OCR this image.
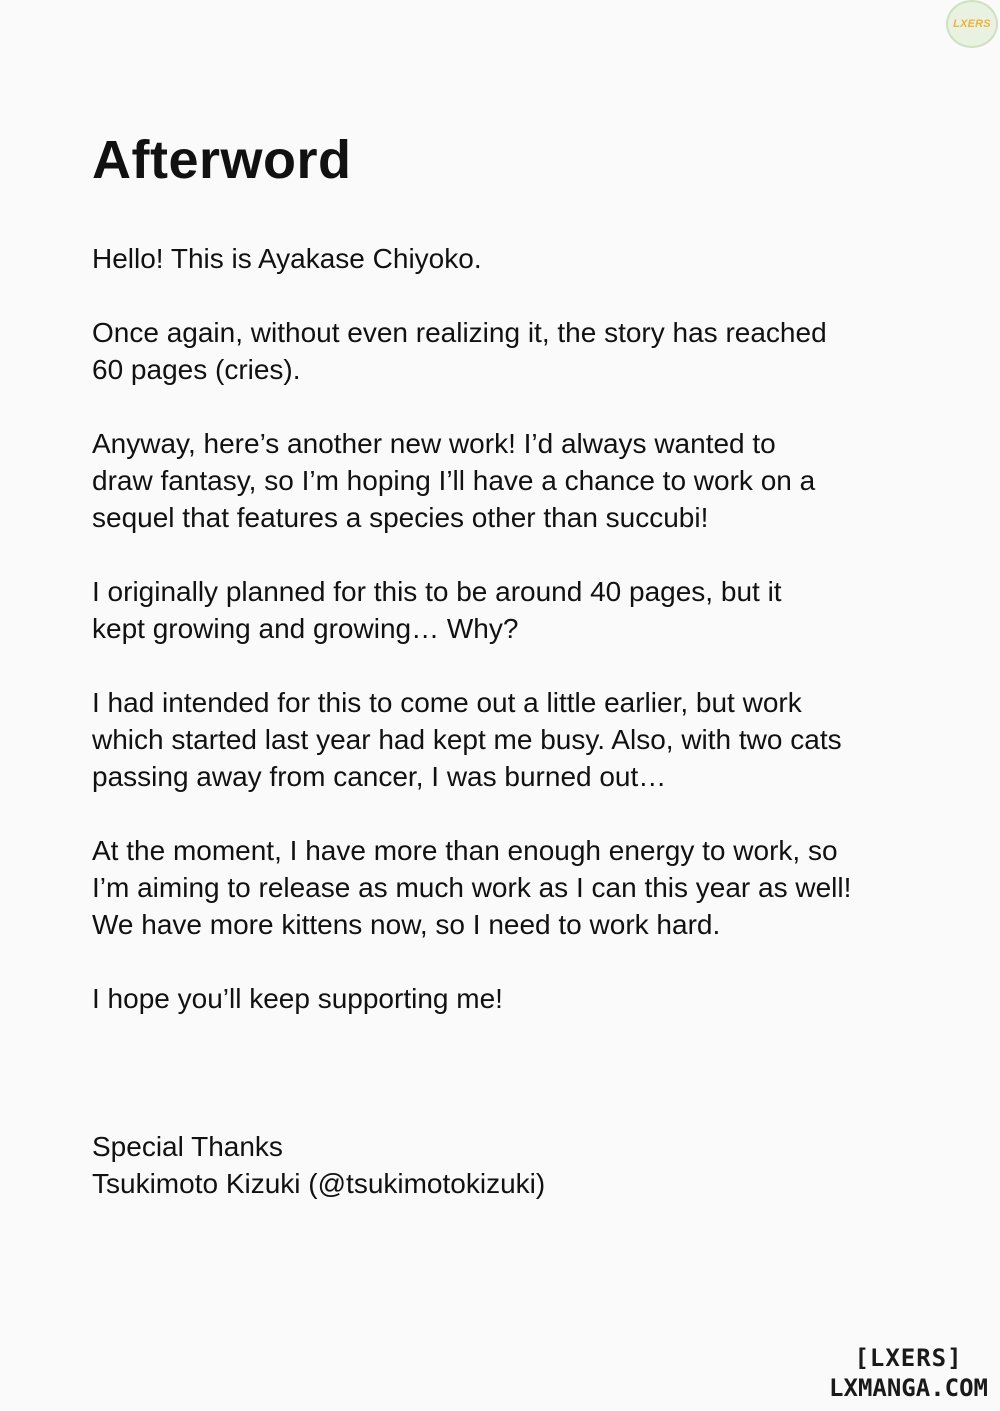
LXERS
Afterword

Hello! This is Ayakase Chiyoko.

Once again, without even realizing it, the story has reached
60 pages (cries).

Anyway, here’s another new work! I’d always wanted to
draw fantasy, so I’m hoping I’ll have a chance to work on a
sequel that features a species other than succubi!

I originally planned for this to be around 40 pages, but it
kept growing and growing… Why?

I had intended for this to come out a little earlier, but work
which started last year had kept me busy. Also, with two cats
passing away from cancer, I was burned out…

At the moment, I have more than enough energy to work, so
I’m aiming to release as much work as I can this year as well!
We have more kittens now, so I need to work hard.

I hope you’ll keep supporting me!

Special Thanks

Tsukimoto Kizuki (@tsukimotokizuki)

[LXERS]
LXMANGA.COM
